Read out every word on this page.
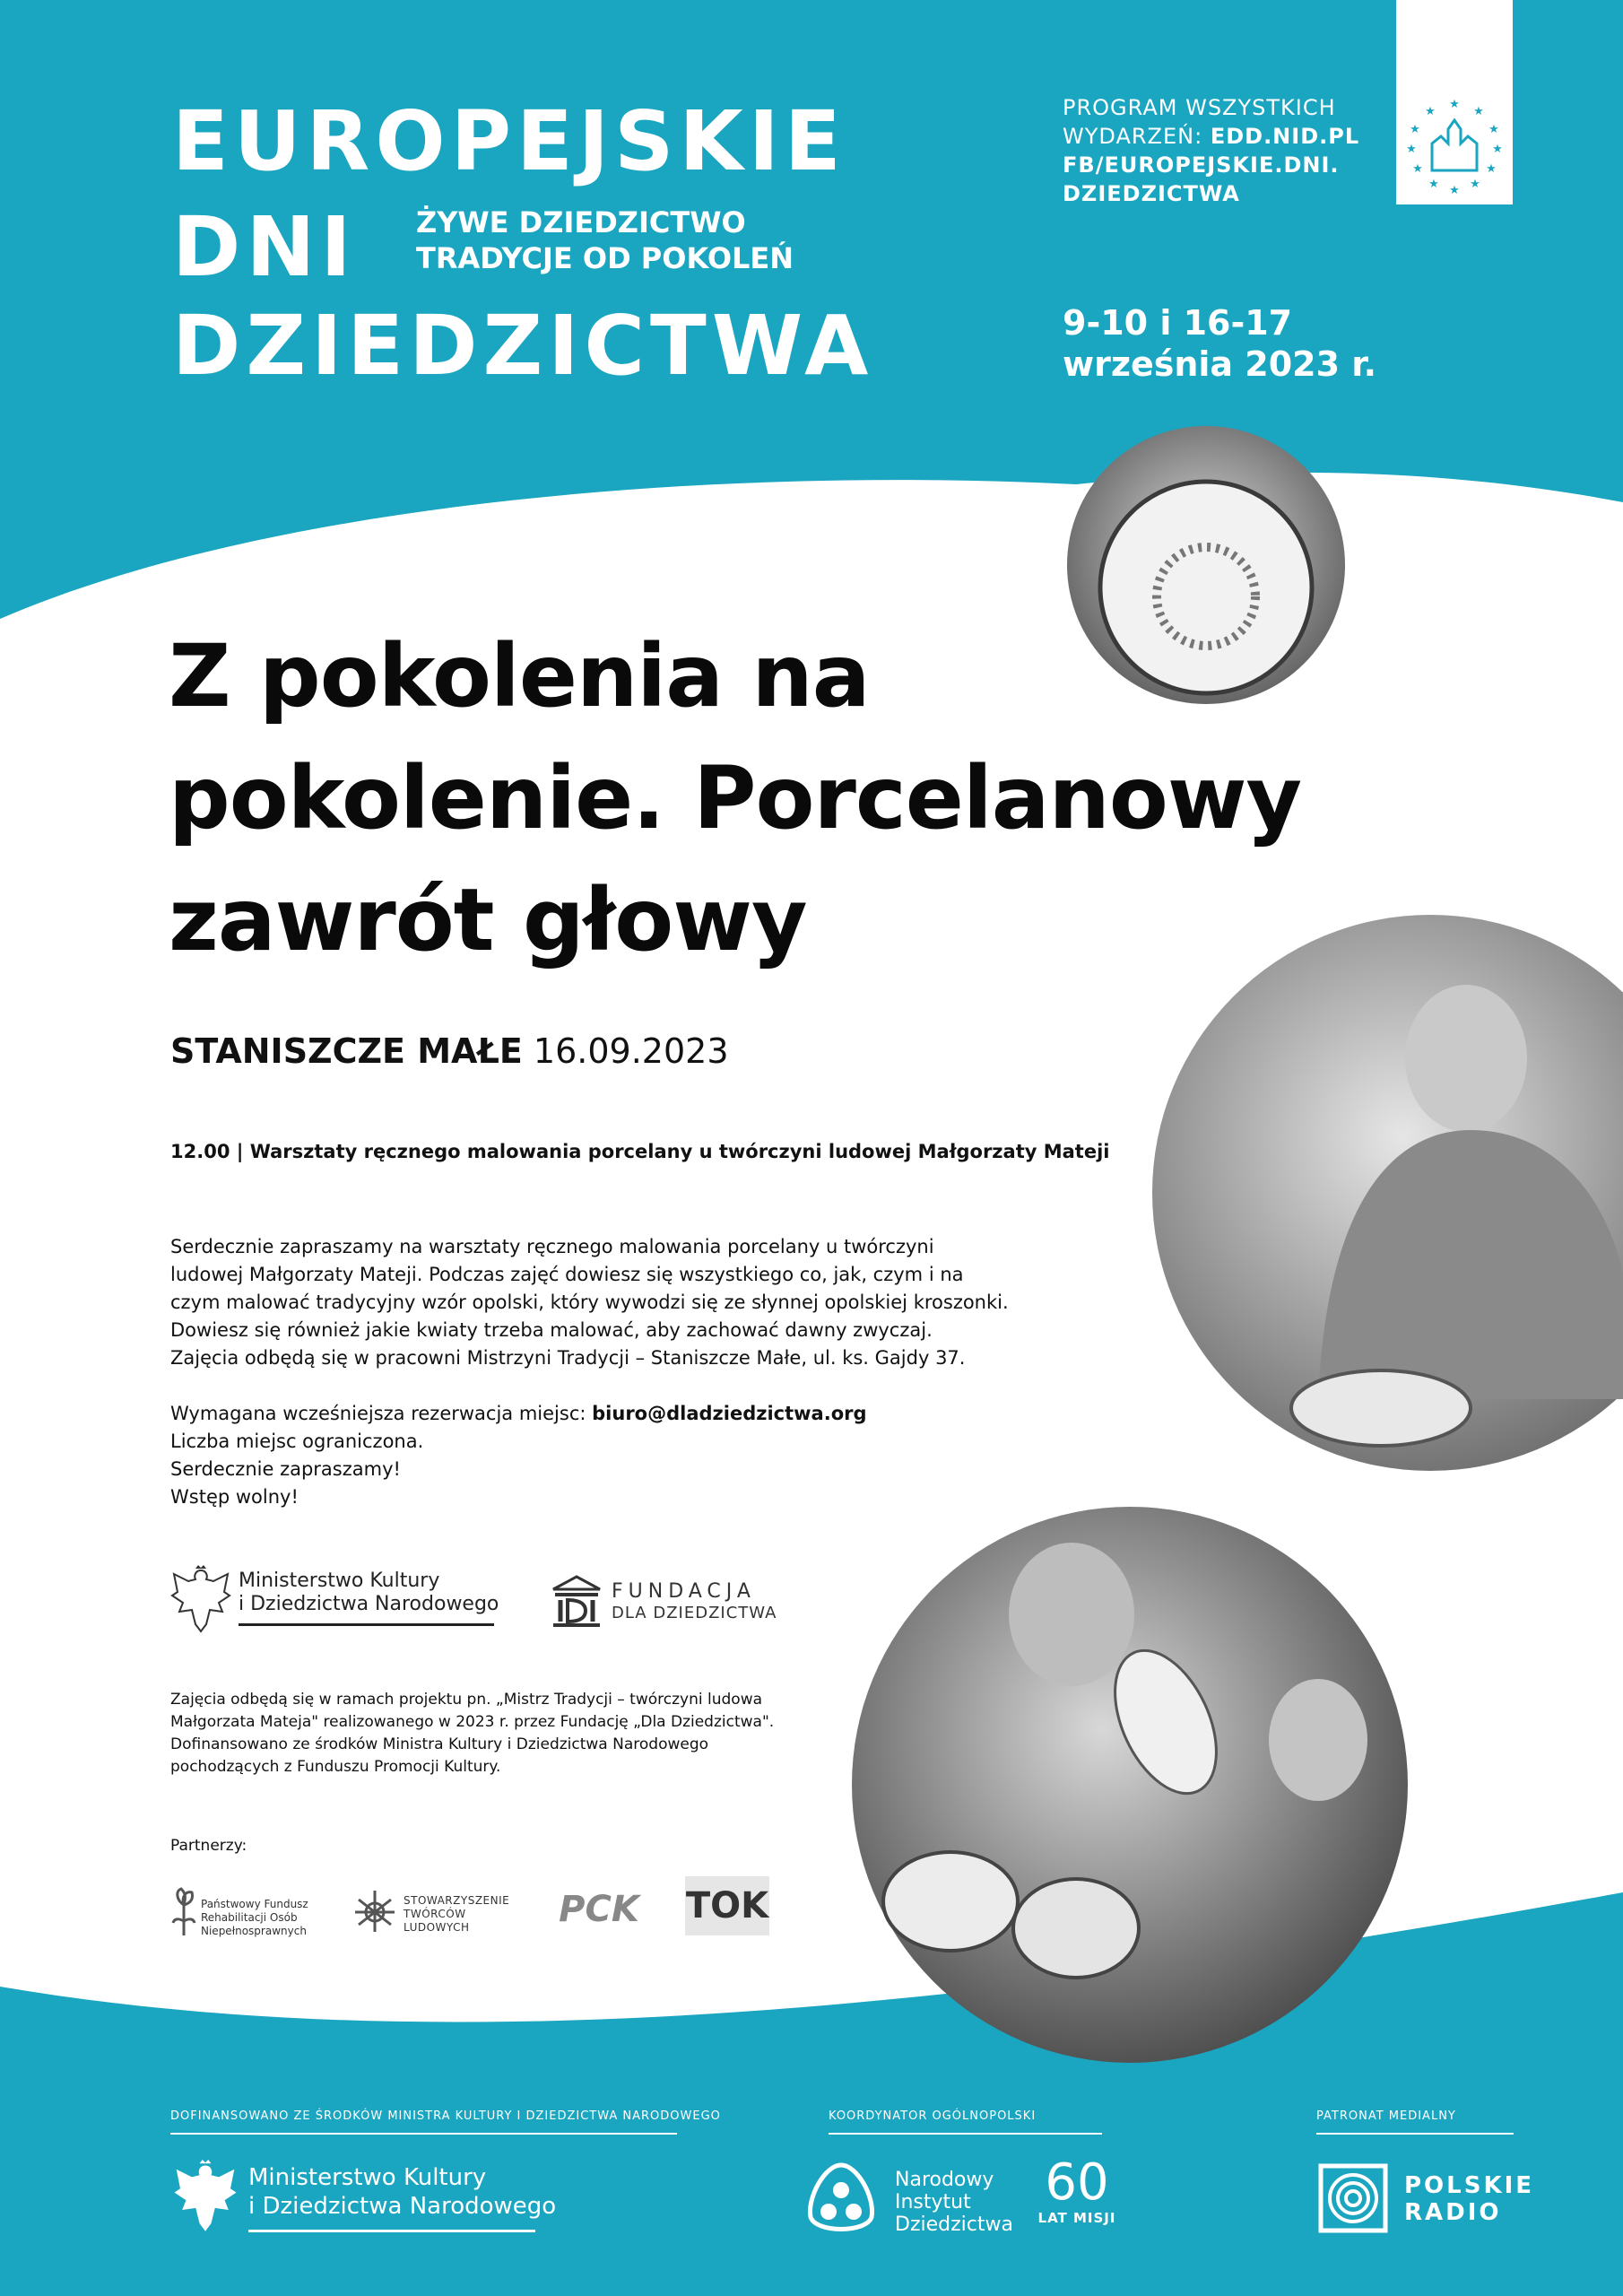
EUROPEJSKIE
DNI
DZIEDZICTWA
ŻYWE DZIEDZICTWO
TRADYCJE OD POKOLEŃ
PROGRAM WSZYSTKICH
WYDARZEŃ: EDD.NID.PL
FB/EUROPEJSKIE.DNI.
DZIEDZICTWA
9-10 i 16-17
września 2023 r.
★
★
★
★
★
★
★
★
★
★
★
★
Z pokolenia na
pokolenie. Porcelanowy
zawrót głowy
STANISZCZE MAŁE 16.09.2023
12.00 | Warsztaty ręcznego malowania porcelany u twórczyni ludowej Małgorzaty Mateji
Serdecznie zapraszamy na warsztaty ręcznego malowania porcelany u twórczyni
ludowej Małgorzaty Mateji. Podczas zajęć dowiesz się wszystkiego co, jak, czym i na
czym malować tradycyjny wzór opolski, który wywodzi się ze słynnej opolskiej kroszonki.
Dowiesz się również jakie kwiaty trzeba malować, aby zachować dawny zwyczaj.
Zajęcia odbędą się w pracowni Mistrzyni Tradycji – Staniszcze Małe, ul. ks. Gajdy 37.
Wymagana wcześniejsza rezerwacja miejsc: biuro@dladziedzictwa.org
Liczba miejsc ograniczona.
Serdecznie zapraszamy!
Wstęp wolny!
Ministerstwo Kultury
i Dziedzictwa Narodowego
FUNDACJA
DLA DZIEDZICTWA
Zajęcia odbędą się w ramach projektu pn. „Mistrz Tradycji – twórczyni ludowa
Małgorzata Mateja" realizowanego w 2023 r. przez Fundację „Dla Dziedzictwa".
Dofinansowano ze środków Ministra Kultury i Dziedzictwa Narodowego
pochodzących z Funduszu Promocji Kultury.
Partnerzy:
Państwowy Fundusz
Rehabilitacji Osób
Niepełnosprawnych
STOWARZYSZENIE
TWÓRCÓW
LUDOWYCH	PCK TOK
DOFINANSOWANO ZE ŚRODKÓW MINISTRA KULTURY I DZIEDZICTWA NARODOWEGO	KOORDYNATOR OGÓLNOPOLSKI	PATRONAT MEDIALNY
Ministerstwo Kultury
i Dziedzictwa Narodowego
Narodowy
Instytut
Dziedzictwa
60
LAT MISJI
POLSKIE
RADIO
